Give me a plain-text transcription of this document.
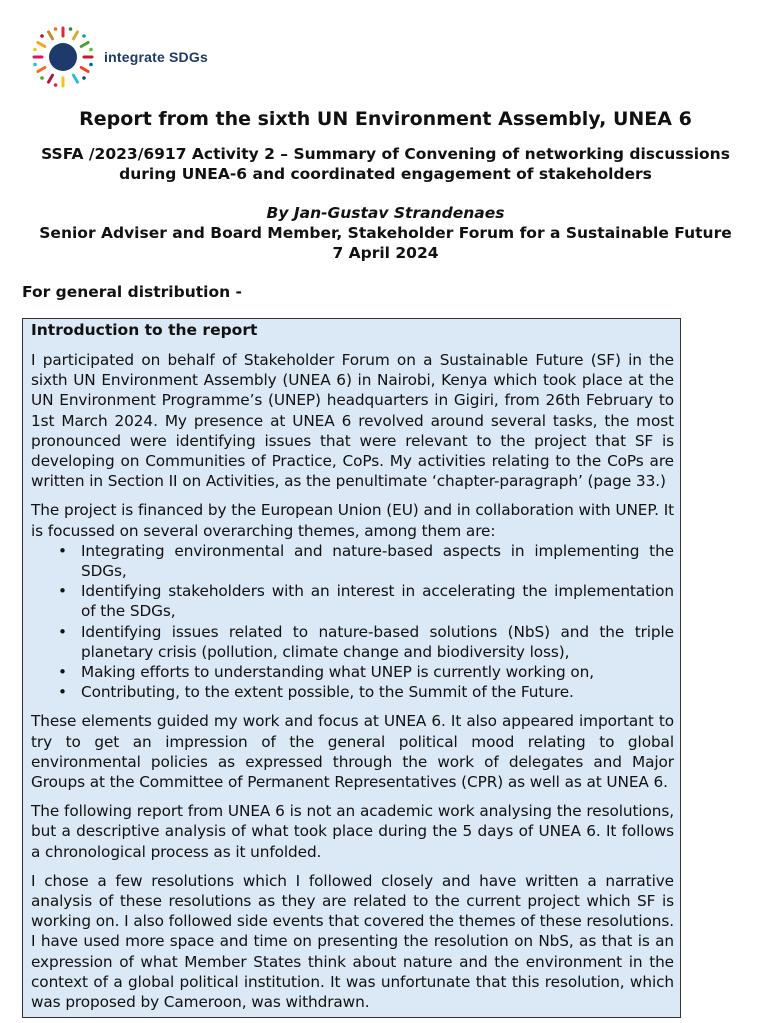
integrate SDGs
Report from the sixth UN Environment Assembly, UNEA 6
SSFA /2023/6917 Activity 2 – Summary of Convening of networking discussions during UNEA-6 and coordinated engagement of stakeholders
By Jan-Gustav Strandenaes
Senior Adviser and Board Member, Stakeholder Forum for a Sustainable Future
7 April 2024
For general distribution -
Introduction to the report

I participated on behalf of Stakeholder Forum on a Sustainable Future (SF) in the sixth UN Environment Assembly (UNEA 6) in Nairobi, Kenya which took place at the UN Environment Programme’s (UNEP) headquarters in Gigiri, from 26th February to 1st March 2024. My presence at UNEA 6 revolved around several tasks, the most pronounced were identifying issues that were relevant to the project that SF is developing on Communities of Practice, CoPs. My activities relating to the CoPs are written in Section II on Activities, as the penultimate ‘chapter-paragraph’ (page 33.)

The project is financed by the European Union (EU) and in collaboration with UNEP. It is focussed on several overarching themes, among them are:

• Integrating environmental and nature-based aspects in implementing the SDGs,
• Identifying stakeholders with an interest in accelerating the implementation of the SDGs,
• Identifying issues related to nature-based solutions (NbS) and the triple planetary crisis (pollution, climate change and biodiversity loss),
• Making efforts to understanding what UNEP is currently working on,
• Contributing, to the extent possible, to the Summit of the Future.

These elements guided my work and focus at UNEA 6. It also appeared important to try to get an impression of the general political mood relating to global environmental policies as expressed through the work of delegates and Major Groups at the Committee of Permanent Representatives (CPR) as well as at UNEA 6.

The following report from UNEA 6 is not an academic work analysing the resolutions, but a descriptive analysis of what took place during the 5 days of UNEA 6. It follows a chronological process as it unfolded.

I chose a few resolutions which I followed closely and have written a narrative analysis of these resolutions as they are related to the current project which SF is working on. I also followed side events that covered the themes of these resolutions. I have used more space and time on presenting the resolution on NbS, as that is an expression of what Member States think about nature and the environment in the context of a global political institution. It was unfortunate that this resolution, which was proposed by Cameroon, was withdrawn.
